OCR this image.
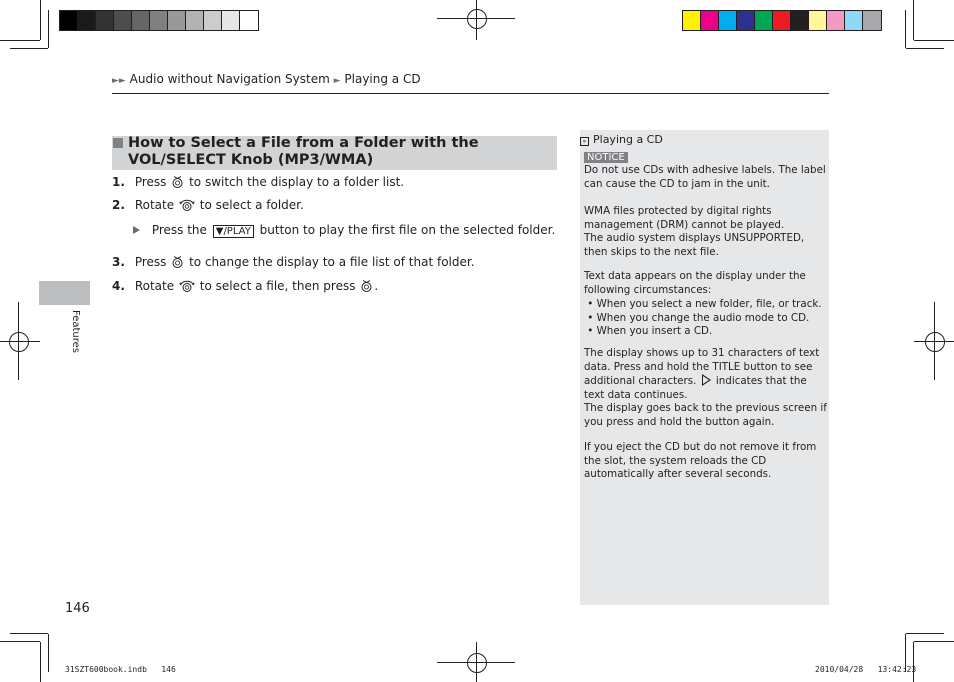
►► Audio without Navigation System ► Playing a CD
Features
How to Select a File from a Folder with the VOL/SELECT Knob (MP3/WMA)
1. Press to switch the display to a folder list.
2. Rotate to select a folder.
Press the ▼/PLAY button to play the first file on the selected folder.
3. Press to change the display to a file list of that folder.
4. Rotate to select a file, then press .
» Playing a CD
NOTICE
Do not use CDs with adhesive labels. The label can cause the CD to jam in the unit.
WMA files protected by digital rights management (DRM) cannot be played.
The audio system displays UNSUPPORTED, then skips to the next file.
Text data appears on the display under the following circumstances:
• When you select a new folder, file, or track.
• When you change the audio mode to CD.
• When you insert a CD.
The display shows up to 31 characters of text data. Press and hold the TITLE button to see additional characters. indicates that the text data continues.
The display goes back to the previous screen if you press and hold the button again.
If you eject the CD but do not remove it from the slot, the system reloads the CD automatically after several seconds.
146
31SZT600book.indb   146	2010/04/28   13:42:23
